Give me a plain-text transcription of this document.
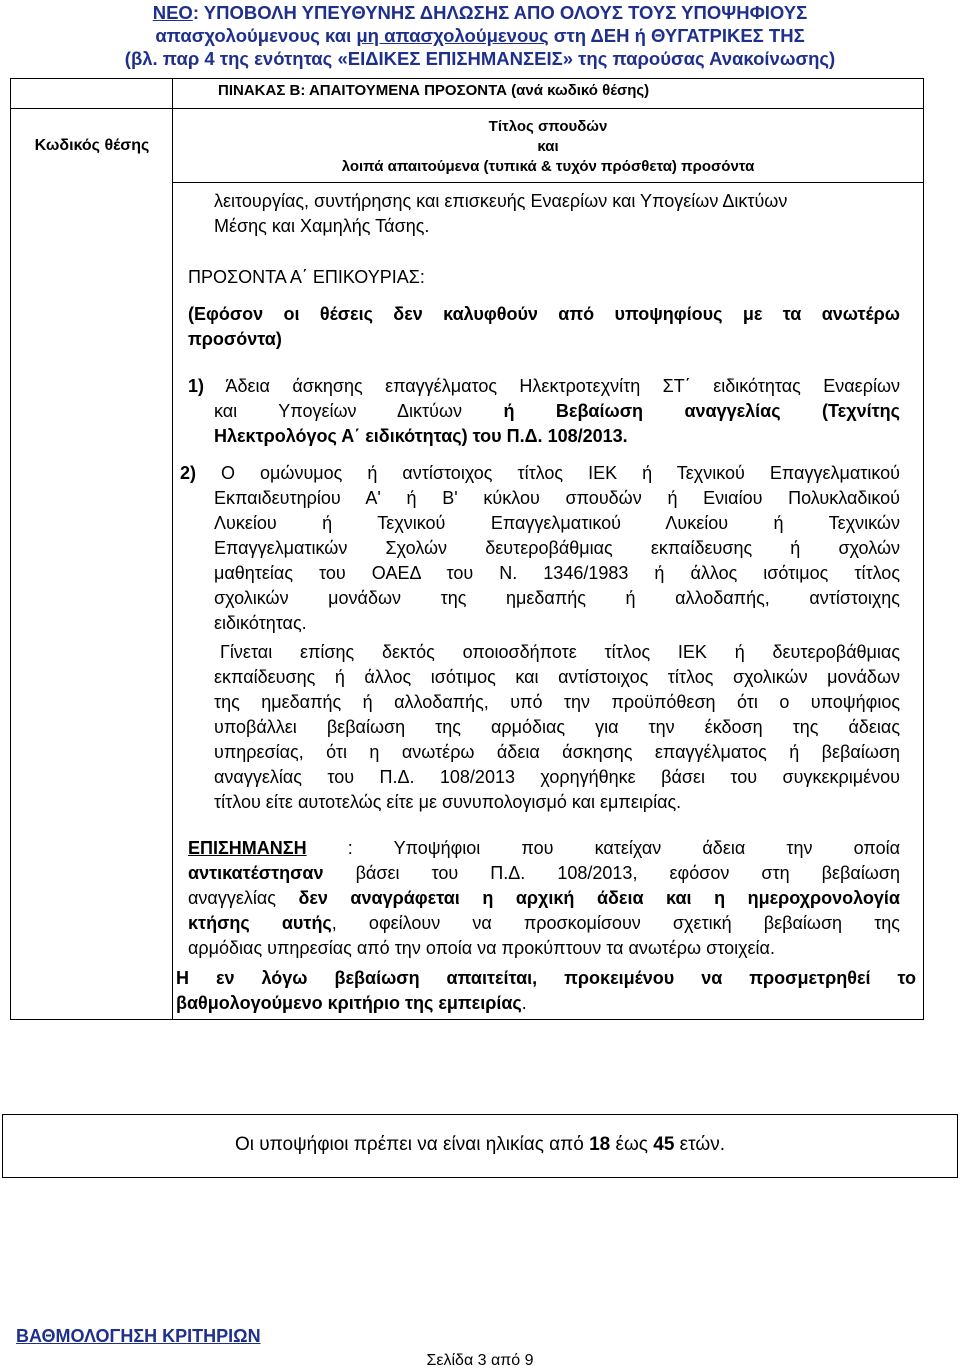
ΝΕΟ: ΥΠΟΒΟΛΗ ΥΠΕΥΘΥΝΗΣ ΔΗΛΩΣΗΣ ΑΠΟ ΟΛΟΥΣ ΤΟΥΣ ΥΠΟΨΗΦΙΟΥΣ
απασχολούμενους και μη απασχολούμενους στη ΔΕΗ ή ΘΥΓΑΤΡΙΚΕΣ ΤΗΣ
(βλ. παρ 4 της ενότητας «ΕΙΔΙΚΕΣ ΕΠΙΣΗΜΑΝΣΕΙΣ» της παρούσας Ανακοίνωσης)
ΠΙΝΑΚΑΣ Β: ΑΠΑΙΤΟΥΜΕΝΑ ΠΡΟΣΟΝΤΑ (ανά κωδικό θέσης)
Κωδικός θέσης
Τίτλος σπουδών
και
λοιπά απαιτούμενα (τυπικά & τυχόν πρόσθετα) προσόντα
λειτουργίας, συντήρησης και επισκευής Εναερίων και Υπογείων Δικτύων
Μέσης και Χαμηλής Τάσης.
ΠΡΟΣΟΝΤΑ Α΄ ΕΠΙΚΟΥΡΙΑΣ:
(Εφόσον οι θέσεις δεν καλυφθούν από υποψηφίους με τα ανωτέρω
προσόντα)
1) Άδεια άσκησης επαγγέλματος Ηλεκτροτεχνίτη ΣΤ΄ ειδικότητας Εναερίων
και Υπογείων Δικτύων ή Βεβαίωση αναγγελίας (Τεχνίτης
Ηλεκτρολόγος Α΄ ειδικότητας) του Π.Δ. 108/2013.
2) Ο ομώνυμος ή αντίστοιχος τίτλος ΙΕΚ ή Τεχνικού Επαγγελματικού
Εκπαιδευτηρίου Α' ή Β' κύκλου σπουδών ή Ενιαίου Πολυκλαδικού
Λυκείου ή Τεχνικού Επαγγελματικού Λυκείου ή Τεχνικών
Επαγγελματικών Σχολών δευτεροβάθμιας εκπαίδευσης ή σχολών
μαθητείας του ΟΑΕΔ του Ν. 1346/1983 ή άλλος ισότιμος τίτλος
σχολικών μονάδων της ημεδαπής ή αλλοδαπής, αντίστοιχης
ειδικότητας.
Γίνεται επίσης δεκτός οποιοσδήποτε τίτλος ΙΕΚ ή δευτεροβάθμιας
εκπαίδευσης ή άλλος ισότιμος και αντίστοιχος τίτλος σχολικών μονάδων
της ημεδαπής ή αλλοδαπής, υπό την προϋπόθεση ότι ο υποψήφιος
υποβάλλει βεβαίωση της αρμόδιας για την έκδοση της άδειας
υπηρεσίας, ότι η ανωτέρω άδεια άσκησης επαγγέλματος ή βεβαίωση
αναγγελίας του Π.Δ. 108/2013 χορηγήθηκε βάσει του συγκεκριμένου
τίτλου είτε αυτοτελώς είτε με συνυπολογισμό και εμπειρίας.
ΕΠΙΣΗΜΑΝΣΗ : Υποψήφιοι που κατείχαν άδεια την οποία
αντικατέστησαν βάσει του Π.Δ. 108/2013, εφόσον στη βεβαίωση
αναγγελίας δεν αναγράφεται η αρχική άδεια και η ημεροχρονολογία
κτήσης αυτής, οφείλουν να προσκομίσουν σχετική βεβαίωση της
αρμόδιας υπηρεσίας από την οποία να προκύπτουν τα ανωτέρω στοιχεία.
Η εν λόγω βεβαίωση απαιτείται, προκειμένου να προσμετρηθεί το
βαθμολογούμενο κριτήριο της εμπειρίας.
Οι υποψήφιοι πρέπει να είναι ηλικίας από 18 έως 45 ετών.
ΒΑΘΜΟΛΟΓΗΣΗ ΚΡΙΤΗΡΙΩΝ
Σελίδα 3 από 9
